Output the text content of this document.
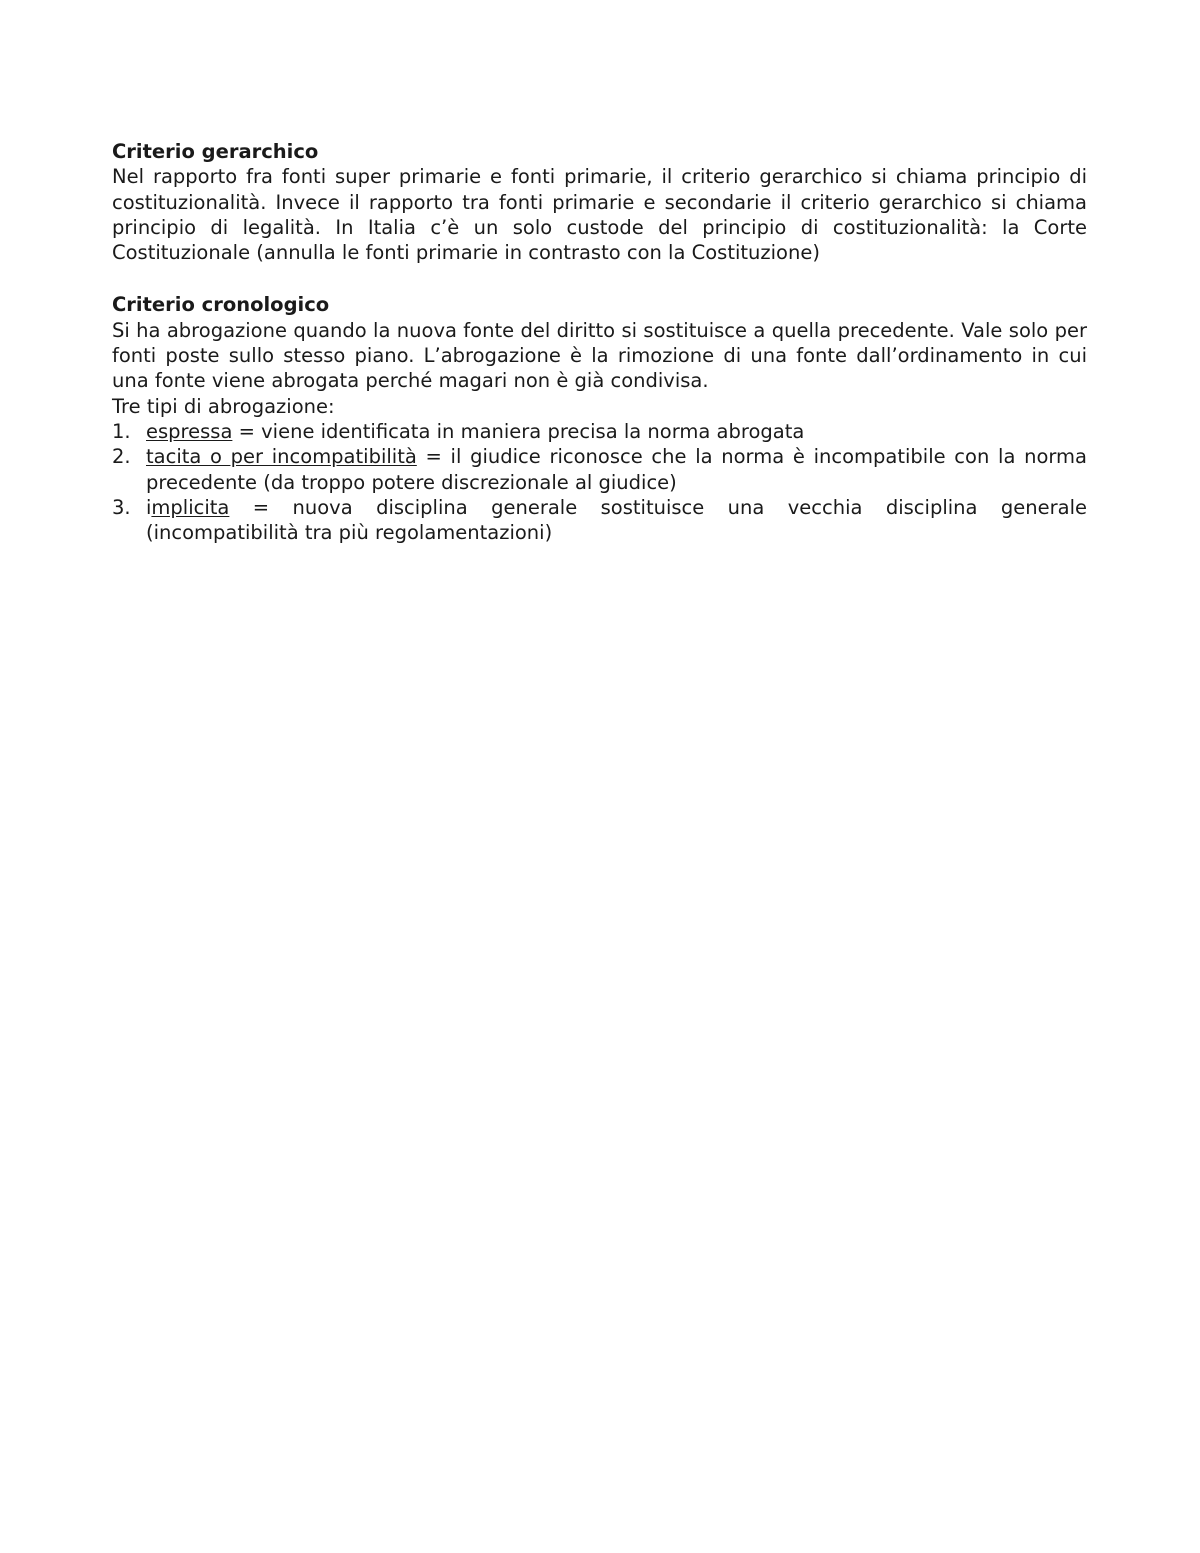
Criterio gerarchico

Nel rapporto fra fonti super primarie e fonti primarie, il criterio gerarchico si chiama principio di costituzionalità. Invece il rapporto tra fonti primarie e secondarie il criterio gerarchico si chiama principio di legalità. In Italia c’è un solo custode del principio di costituzionalità: la Corte Costituzionale (annulla le fonti primarie in contrasto con la Costituzione)

Criterio cronologico

Si ha abrogazione quando la nuova fonte del diritto si sostituisce a quella precedente. Vale solo per fonti poste sullo stesso piano. L’abrogazione è la rimozione di una fonte dall’ordinamento in cui una fonte viene abrogata perché magari non è già condivisa.

Tre tipi di abrogazione:

1. espressa = viene identificata in maniera precisa la norma abrogata
2. tacita o per incompatibilità = il giudice riconosce che la norma è incompatibile con la norma precedente (da troppo potere discrezionale al giudice)
3. implicita = nuova disciplina generale sostituisce una vecchia disciplina generale (incompatibilità tra più regolamentazioni)
